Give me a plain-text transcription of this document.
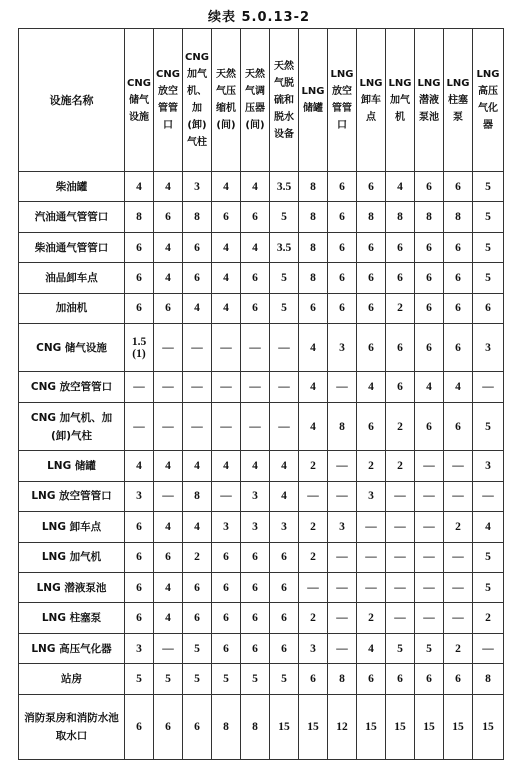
续表 5.0.13-2
设施名称	CNG储气设施	CNG放空管管口	CNG加气机、加(卸)气柱	天然气压缩机(间)	天然气调压器(间)	天然气脱硫和脱水设备	LNG储罐	LNG放空管管口	LNG卸车点	LNG加气机	LNG潜液泵池	LNG柱塞泵	LNG高压气化器
柴油罐	4	4	3	4	4	3.5	8	6	6	4	6	6	5
汽油通气管管口	8	6	8	6	6	5	8	6	8	8	8	8	5
柴油通气管管口	6	4	6	4	4	3.5	8	6	6	6	6	6	5
油品卸车点	6	4	6	4	6	5	8	6	6	6	6	6	5
加油机	6	6	4	4	6	5	6	6	6	2	6	6	6
CNG 储气设施	1.5 (1)	—	—	—	—	—	4	3	6	6	6	6	3
CNG 放空管管口	—	—	—	—	—	—	4	—	4	6	4	4	—
CNG 加气机、加(卸)气柱	—	—	—	—	—	—	4	8	6	2	6	6	5
LNG 储罐	4	4	4	4	4	4	2	—	2	2	—	—	3
LNG 放空管管口	3	—	8	—	3	4	—	—	3	—	—	—	—
LNG 卸车点	6	4	4	3	3	3	2	3	—	—	—	2	4
LNG 加气机	6	6	2	6	6	6	2	—	—	—	—	—	5
LNG 潜液泵池	6	4	6	6	6	6	—	—	—	—	—	—	5
LNG 柱塞泵	6	4	6	6	6	6	2	—	2	—	—	—	2
LNG 高压气化器	3	—	5	6	6	6	3	—	4	5	5	2	—
站房	5	5	5	5	5	5	6	8	6	6	6	6	8
消防泵房和消防水池取水口	6	6	6	8	8	15	15	12	15	15	15	15	15
